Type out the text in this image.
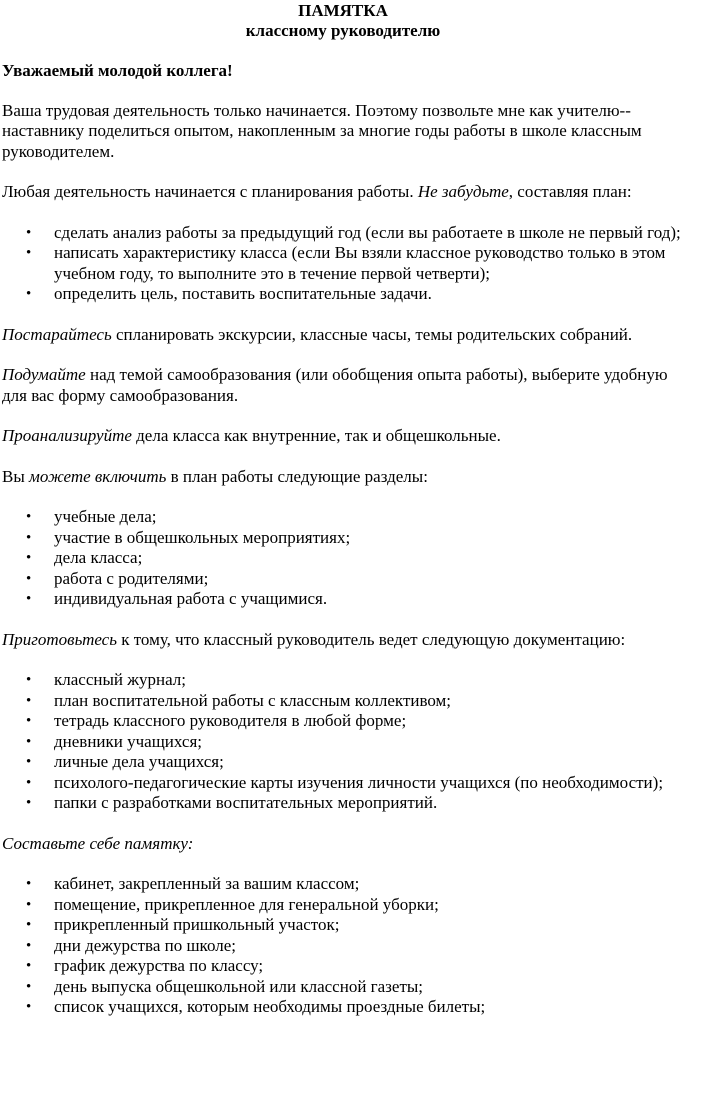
ПАМЯТКА
классному руководителю
Уважаемый молодой коллега!

Ваша трудовая деятельность только начинается. Поэтому позвольте мне как учителю-- наставнику поделиться опытом, накопленным за многие годы работы в школе классным руководителем.

Любая деятельность начинается с планирования работы. Не забудьте, составляя план:

• сделать анализ работы за предыдущий год (если вы работаете в школе не первый год);
• написать характеристику класса (если Вы взяли классное руководство только в этом учебном году, то выполните это в течение первой четверти);
• определить цель, поставить воспитательные задачи.

Постарайтесь спланировать экскурсии, классные часы, темы родительских собраний.

Подумайте над темой самообразования (или обобщения опыта работы), выберите удобную для вас форму самообразования.

Проанализируйте дела класса как внутренние, так и общешкольные.

Вы можете включить в план работы следующие разделы:

• учебные дела;
• участие в общешкольных мероприятиях;
• дела класса;
• работа с родителями;
• индивидуальная работа с учащимися.

Приготовьтесь к тому, что классный руководитель ведет следующую документацию:

• классный журнал;
• план воспитательной работы с классным коллективом;
• тетрадь классного руководителя в любой форме;
• дневники учащихся;
• личные дела учащихся;
• психолого-педагогические карты изучения личности учащихся (по необходимости);
• папки с разработками воспитательных мероприятий.

Составьте себе памятку:

• кабинет, закрепленный за вашим классом;
• помещение, прикрепленное для генеральной уборки;
• прикрепленный пришкольный участок;
• дни дежурства по школе;
• график дежурства по классу;
• день выпуска общешкольной или классной газеты;
• список учащихся, которым необходимы проездные билеты;
